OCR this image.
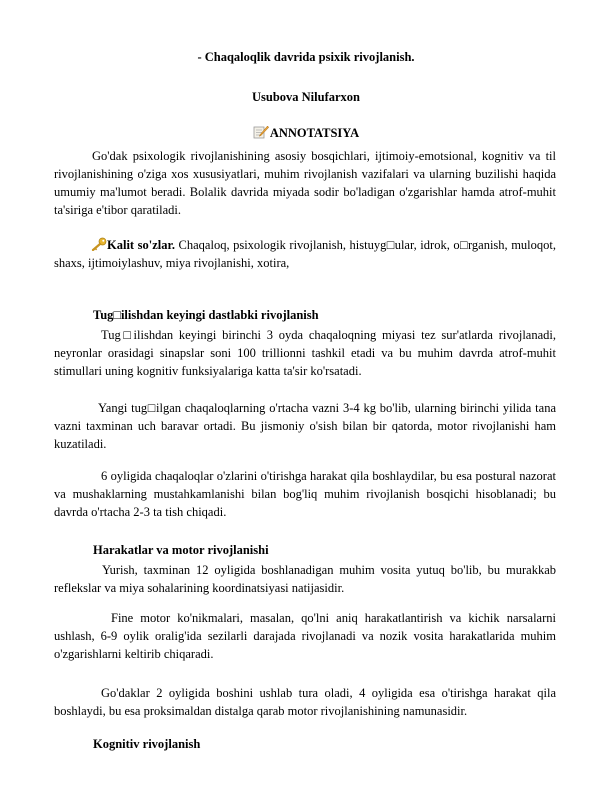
- Chaqaloqlik davrida psixik rivojlanish.
Usubova Nilufarxon
ANNOTATSIYA
Go'dak psixologik rivojlanishining asosiy bosqichlari, ijtimoiy-emotsional, kognitiv va til rivojlanishining o'ziga xos xususiyatlari, muhim rivojlanish vazifalari va ularning buzilishi haqida umumiy ma'lumot beradi. Bolalik davrida miyada sodir bo'ladigan o'zgarishlar hamda atrof-muhit ta'siriga e'tibor qaratiladi.
Kalit so'zlar. Chaqaloq, psixologik rivojlanish, histuyg□ular, idrok, o□rganish, muloqot, shaxs, ijtimoiylashuv, miya rivojlanishi, xotira,
Tug□ilishdan keyingi dastlabki rivojlanish
Tug□ilishdan keyingi birinchi 3 oyda chaqaloqning miyasi tez sur'atlarda rivojlanadi, neyronlar orasidagi sinapslar soni 100 trillionni tashkil etadi va bu muhim davrda atrof-muhit stimullari uning kognitiv funksiyalariga katta ta'sir ko'rsatadi.
Yangi tug□ilgan chaqaloqlarning o'rtacha vazni 3-4 kg bo'lib, ularning birinchi yilida tana vazni taxminan uch baravar ortadi. Bu jismoniy o'sish bilan bir qatorda, motor rivojlanishi ham kuzatiladi.
6 oyligida chaqaloqlar o'zlarini o'tirishga harakat qila boshlaydilar, bu esa postural nazorat va mushaklarning mustahkamlanishi bilan bog'liq muhim rivojlanish bosqichi hisoblanadi; bu davrda o'rtacha 2-3 ta tish chiqadi.
Harakatlar va motor rivojlanishi
Yurish, taxminan 12 oyligida boshlanadigan muhim vosita yutuq bo'lib, bu murakkab reflekslar va miya sohalarining koordinatsiyasi natijasidir.
Fine motor ko'nikmalari, masalan, qo'lni aniq harakatlantirish va kichik narsalarni ushlash, 6-9 oylik oralig'ida sezilarli darajada rivojlanadi va nozik vosita harakatlarida muhim o'zgarishlarni keltirib chiqaradi.
Go'daklar 2 oyligida boshini ushlab tura oladi, 4 oyligida esa o'tirishga harakat qila boshlaydi, bu esa proksimaldan distalga qarab motor rivojlanishining namunasidir.
Kognitiv rivojlanish
